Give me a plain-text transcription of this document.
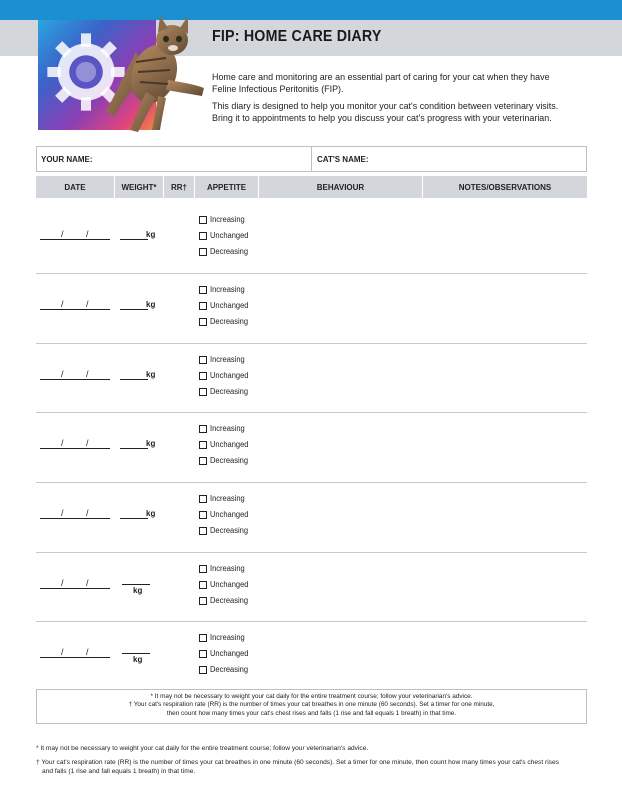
FIP: HOME CARE DIARY

Home care and monitoring are an essential part of caring for your cat when they have
Feline Infectious Peritonitis (FIP).

This diary is designed to help you monitor your cat's condition between veterinary visits.
Bring it to appointments to help you discuss your cat's progress with your veterinarian.

YOUR NAME:	CAT'S NAME:
DATE	WEIGHT*	RR†	APPETITE	BEHAVIOUR	NOTES/OBSERVATIONS
/ /	kg
Increasing
Unchanged
Decreasing
/ /	kg
Increasing
Unchanged
Decreasing
/ /	kg
Increasing
Unchanged
Decreasing
/ /	kg
Increasing
Unchanged
Decreasing
/ /	kg
Increasing
Unchanged
Decreasing
/ /
kg
Increasing
Unchanged
Decreasing
/ /
kg
Increasing
Unchanged
Decreasing
* It may not be necessary to weight your cat daily for the entire treatment course; follow your veterinarian's advice.
† Your cat's respiration rate (RR) is the number of times your cat breathes in one minute (60 seconds). Set a timer for one minute,
then count how many times your cat's chest rises and falls (1 rise and fall equals 1 breath) in that time.
* It may not be necessary to weight your cat daily for the entire treatment course; follow your veterinarian's advice.
† Your cat's respiration rate (RR) is the number of times your cat breathes in one minute (60 seconds). Set a timer for one minute, then count how many times your cat's chest rises
and falls (1 rise and fall equals 1 breath) in that time.
